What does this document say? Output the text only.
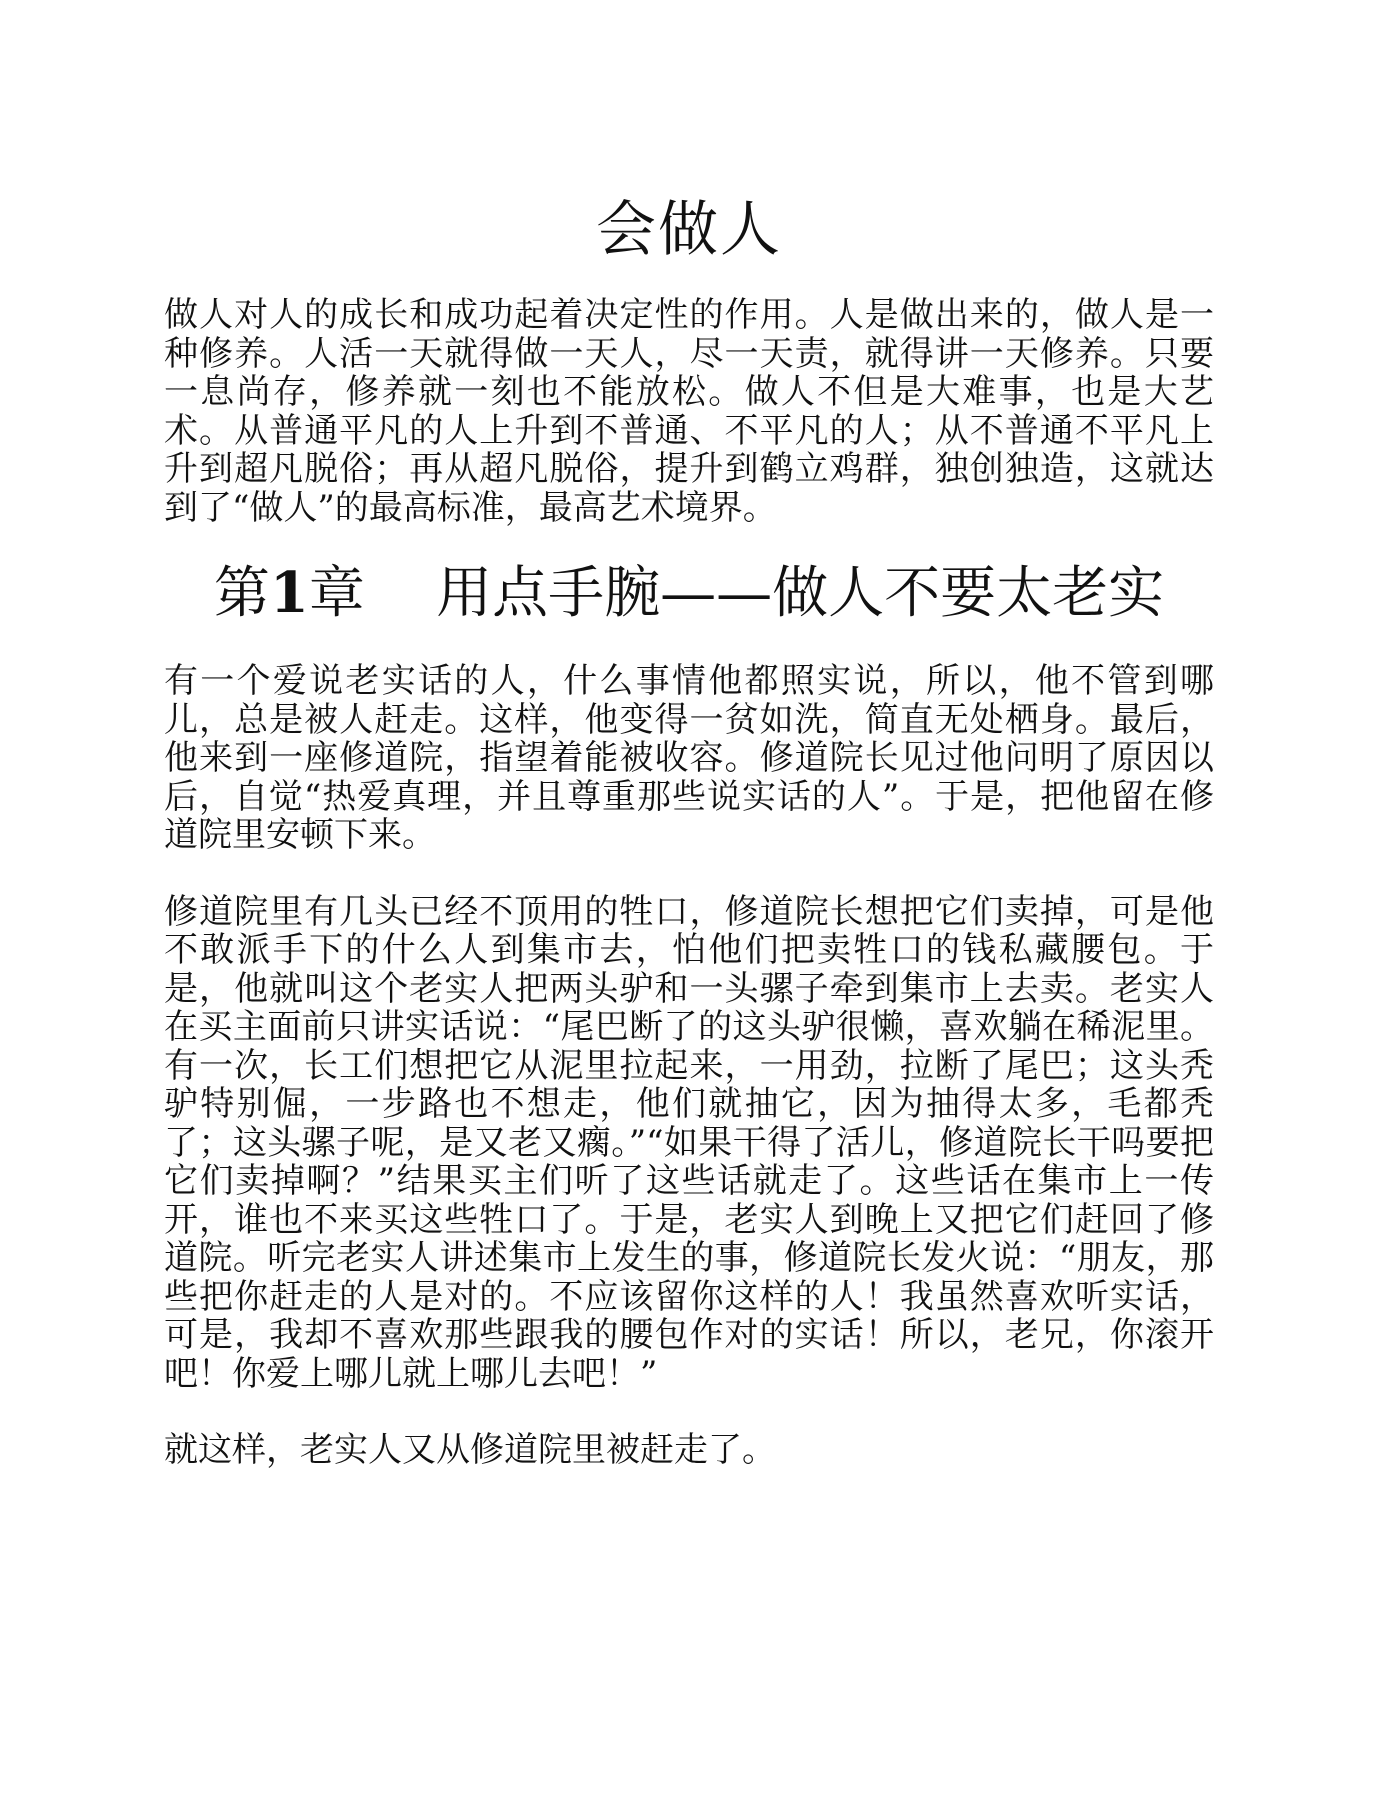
会做人

做人对人的成长和成功起着决定性的作用。人是做出来的，做人是一种修养。人活一天就得做一天人，尽一天责，就得讲一天修养。只要一息尚存，修养就一刻也不能放松。做人不但是大难事，也是大艺术。从普通平凡的人上升到不普通、不平凡的人；从不普通不平凡上升到超凡脱俗；再从超凡脱俗，提升到鹤立鸡群，独创独造，这就达到了“做人”的最高标准，最高艺术境界。

第1章 用点手腕——做人不要太老实

有一个爱说老实话的人，什么事情他都照实说，所以，他不管到哪儿，总是被人赶走。这样，他变得一贫如洗，简直无处栖身。最后，他来到一座修道院，指望着能被收容。修道院长见过他问明了原因以后，自觉“热爱真理，并且尊重那些说实话的人”。于是，把他留在修道院里安顿下来。

修道院里有几头已经不顶用的牲口，修道院长想把它们卖掉，可是他不敢派手下的什么人到集市去，怕他们把卖牲口的钱私藏腰包。于是，他就叫这个老实人把两头驴和一头骡子牵到集市上去卖。老实人在买主面前只讲实话说：“尾巴断了的这头驴很懒，喜欢躺在稀泥里。有一次，长工们想把它从泥里拉起来，一用劲，拉断了尾巴；这头秃驴特别倔，一步路也不想走，他们就抽它，因为抽得太多，毛都秃了；这头骡子呢，是又老又瘸。”“如果干得了活儿，修道院长干吗要把它们卖掉啊？”结果买主们听了这些话就走了。这些话在集市上一传开，谁也不来买这些牲口了。于是，老实人到晚上又把它们赶回了修道院。听完老实人讲述集市上发生的事，修道院长发火说：“朋友，那些把你赶走的人是对的。不应该留你这样的人！我虽然喜欢听实话，可是，我却不喜欢那些跟我的腰包作对的实话！所以，老兄，你滚开吧！你爱上哪儿就上哪儿去吧！”

就这样，老实人又从修道院里被赶走了。
